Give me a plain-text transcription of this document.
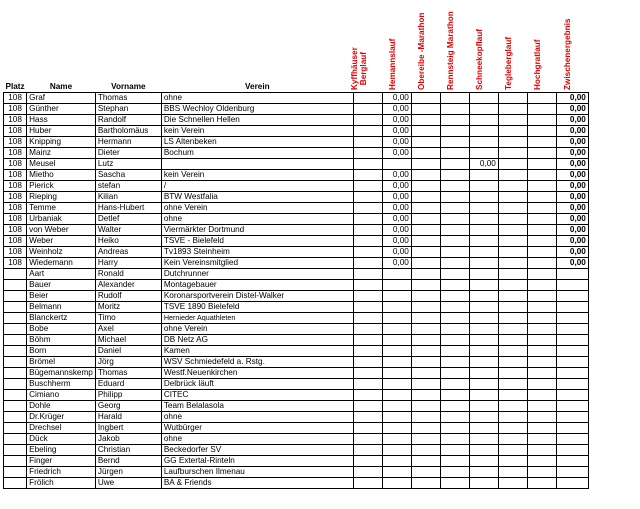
Platz	Name	Vorname	Verein	Kyffhäuser Berglauf	Hemannslauf	Obereibe -Marathon	Rennsteig Marathon	Schneekopflauf	Tegleberglauf	Hochgratlauf	Zwischenergebnis

108	Graf	Thomas	ohne		0,00						0,00
108	Günther	Stephan	BBS Wechloy Oldenburg		0,00						0,00
108	Hass	Randolf	Die Schnellen Hellen		0,00						0,00
108	Huber	Bartholomäus	kein Verein		0,00						0,00
108	Knipping	Hermann	LS Altenbeken		0,00						0,00
108	Mainz	Dieter	Bochum		0,00						0,00
108	Meusel	Lutz						0,00			0,00
108	Mietho	Sascha	kein Verein		0,00						0,00
108	Pierick	stefan	/		0,00						0,00
108	Rieping	Kilian	BTW Westfalia		0,00						0,00
108	Temme	Hans-Hubert	ohne Verein		0,00						0,00
108	Urbaniak	Detlef	ohne		0,00						0,00
108	von Weber	Walter	Viermärkter Dortmund		0,00						0,00
108	Weber	Heiko	TSVE - Bielefeld		0,00						0,00
108	Weinholz	Andreas	Tv1893 Steinheim		0,00						0,00
108	Wiedemann	Harry	Kein Vereinsmitglied		0,00						0,00
	Aart	Ronald	Dutchrunner								
	Bauer	Alexander	Montagebauer								
	Beier	Rudolf	Koronarsportverein Distel-Walker								
	Belmann	Moritz	TSVE 1890 Bielefeld								
	Blanckertz	Timo	Hernieder Aquathleten								
	Bobe	Axel	ohne Verein								
	Böhm	Michael	DB Netz AG								
	Born	Daniel	Kamen								
	Brömel	Jörg	WSV Schmiedefeld a. Rstg.								
	Bügemannskemp	Thomas	Westf.Neuenkirchen								
	Buschherm	Eduard	Delbrück läuft								
	Cimiano	Philipp	CITEC								
	Dohle	Georg	Team Belalasola								
	Dr.Krüger	Harald	ohne								
	Drechsel	Ingbert	Wutbürger								
	Dück	Jakob	ohne								
	Ebeling	Christian	Beckedorfer SV								
	Finger	Bernd	GG Extertal-Rinteln								
	Friedrich	Jürgen	Laufburschen Ilmenau								
	Frölich	Uwe	BA & Friends								
